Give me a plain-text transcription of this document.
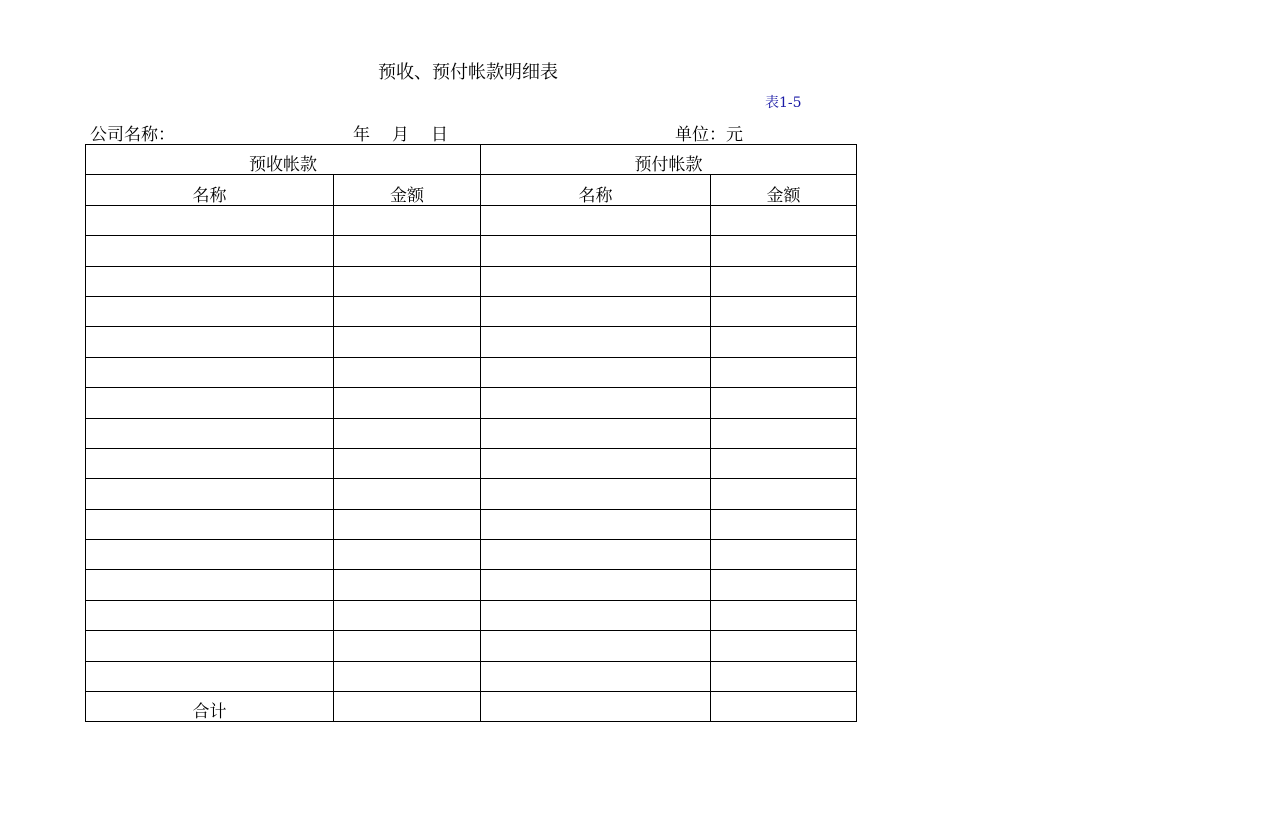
预收、预付帐款明细表
表1-5
公司名称：	年 月 日	单位：元
预收帐款		预付帐款	
名称	金额	名称	金额

合计			
